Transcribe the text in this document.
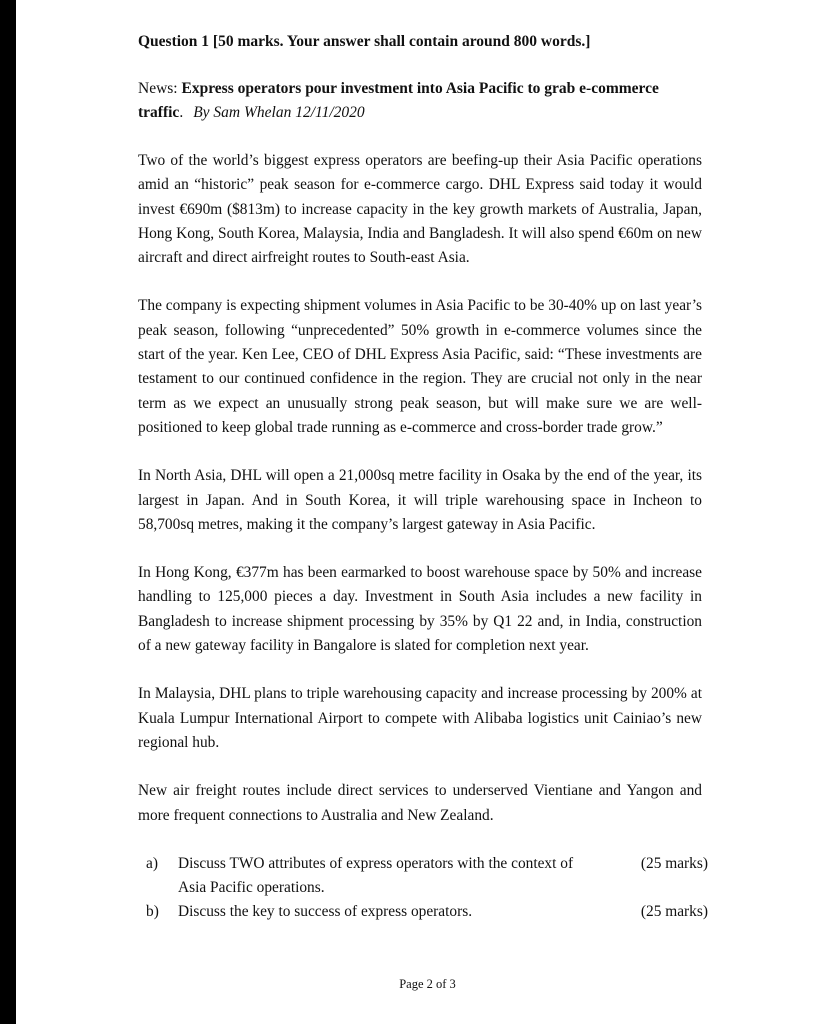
Question 1 [50 marks. Your answer shall contain around 800 words.]

News: Express operators pour investment into Asia Pacific to grab e-commerce traffic. By Sam Whelan 12/11/2020

Two of the world’s biggest express operators are beefing-up their Asia Pacific operations amid an “historic” peak season for e-commerce cargo. DHL Express said today it would invest €690m ($813m) to increase capacity in the key growth markets of Australia, Japan, Hong Kong, South Korea, Malaysia, India and Bangladesh. It will also spend €60m on new aircraft and direct airfreight routes to South-east Asia.

The company is expecting shipment volumes in Asia Pacific to be 30-40% up on last year’s peak season, following “unprecedented” 50% growth in e-commerce volumes since the start of the year. Ken Lee, CEO of DHL Express Asia Pacific, said: “These investments are testament to our continued confidence in the region. They are crucial not only in the near term as we expect an unusually strong peak season, but will make sure we are well-positioned to keep global trade running as e-commerce and cross-border trade grow.”

In North Asia, DHL will open a 21,000sq metre facility in Osaka by the end of the year, its largest in Japan. And in South Korea, it will triple warehousing space in Incheon to 58,700sq metres, making it the company’s largest gateway in Asia Pacific.

In Hong Kong, €377m has been earmarked to boost warehouse space by 50% and increase handling to 125,000 pieces a day. Investment in South Asia includes a new facility in Bangladesh to increase shipment processing by 35% by Q1 22 and, in India, construction of a new gateway facility in Bangalore is slated for completion next year.

In Malaysia, DHL plans to triple warehousing capacity and increase processing by 200% at Kuala Lumpur International Airport to compete with Alibaba logistics unit Cainiao’s new regional hub.

New air freight routes include direct services to underserved Vientiane and Yangon and more frequent connections to Australia and New Zealand.

a) Discuss TWO attributes of express operators with the context of Asia Pacific operations.
(25 marks)
b) Discuss the key to success of express operators.	(25 marks)
Page 2 of 3
